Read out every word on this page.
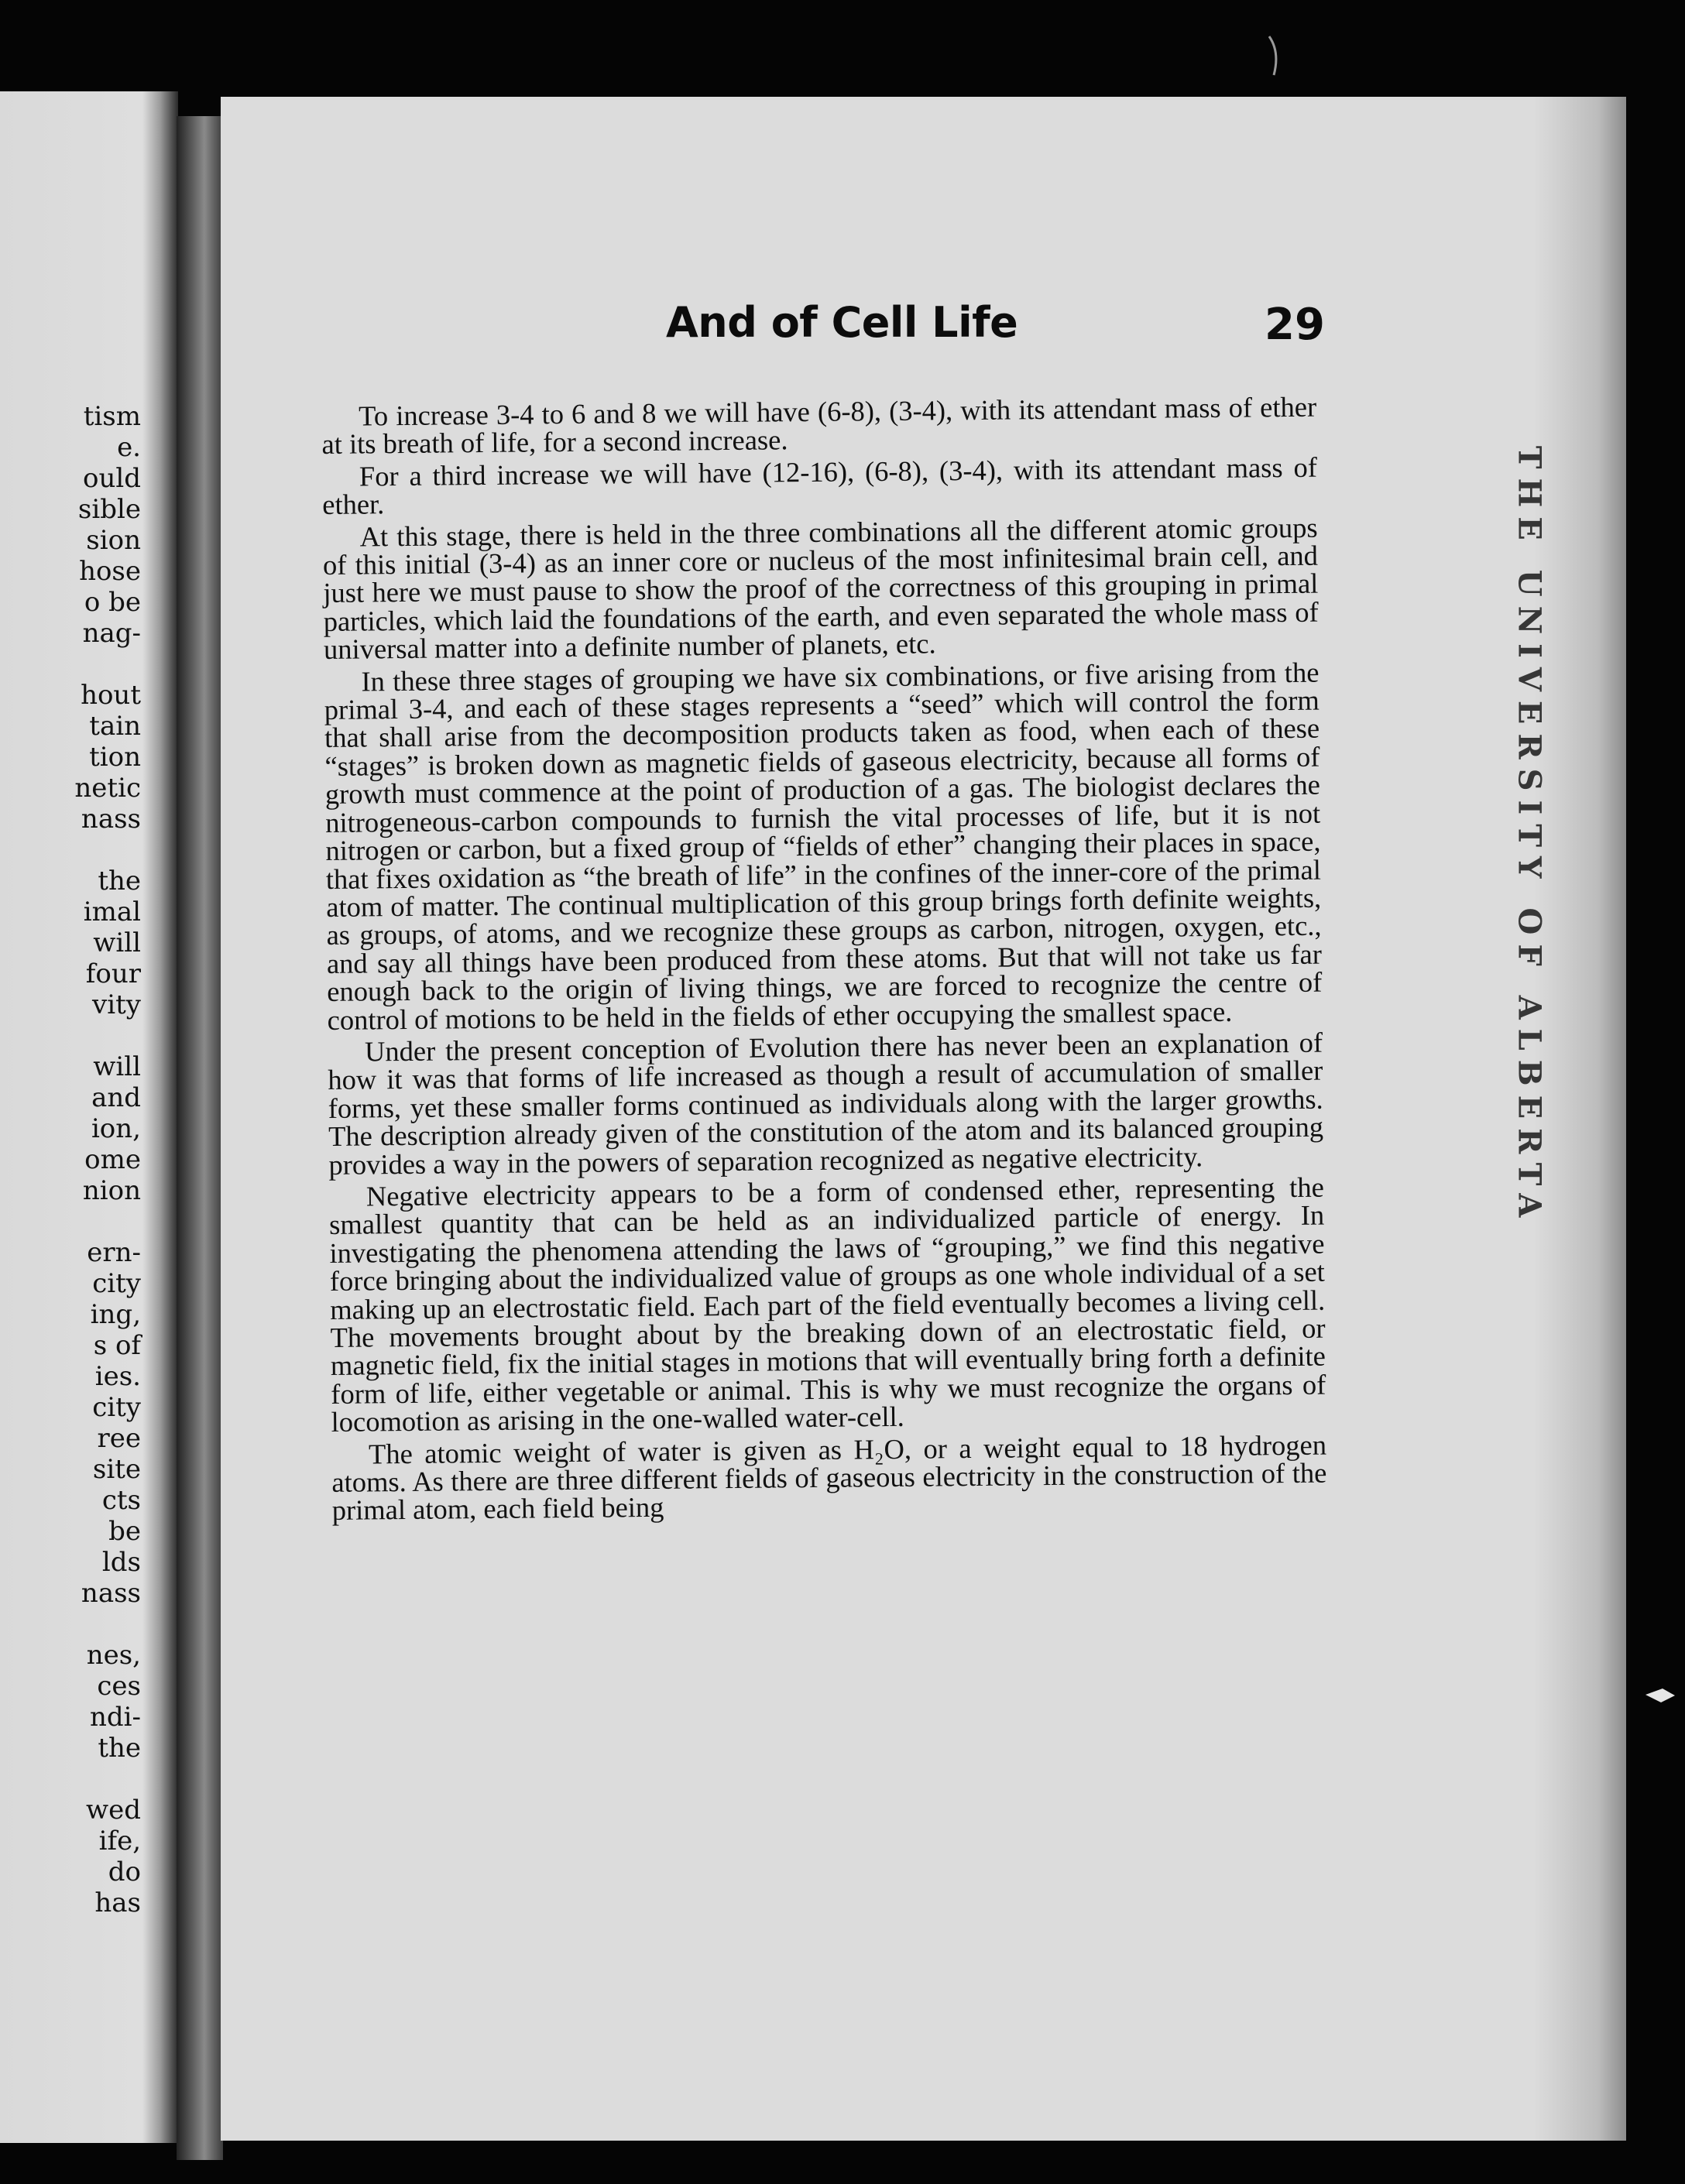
tism
e.
ould
sible
sion
hose
o be
nag-
hout
tain
tion
netic
nass
the
imal
will
four
vity
will
and
ion,
ome
nion
ern-
city
ing,
s of
ies.
city
ree
site
cts
be
lds
nass
nes,
ces
ndi-
the
wed
ife,
do
has
And of Cell Life	29

To increase 3-4 to 6 and 8 we will have (6-8), (3-4), with its attendant mass of ether at its breath of life, for a second increase.

For a third increase we will have (12-16), (6-8), (3-4), with its attendant mass of ether.

At this stage, there is held in the three combinations all the different atomic groups of this initial (3-4) as an inner core or nucleus of the most infinitesimal brain cell, and just here we must pause to show the proof of the correctness of this grouping in primal particles, which laid the foundations of the earth, and even separated the whole mass of universal matter into a definite number of planets, etc.

In these three stages of grouping we have six combinations, or five arising from the primal 3-4, and each of these stages represents a “seed” which will control the form that shall arise from the decomposition products taken as food, when each of these “stages” is broken down as magnetic fields of gaseous electricity, because all forms of growth must commence at the point of production of a gas. The biologist declares the nitrogeneous-carbon compounds to furnish the vital processes of life, but it is not nitrogen or carbon, but a fixed group of “fields of ether” changing their places in space, that fixes oxidation as “the breath of life” in the confines of the inner-core of the primal atom of matter. The continual multiplication of this group brings forth definite weights, as groups, of atoms, and we recognize these groups as carbon, nitrogen, oxygen, etc., and say all things have been produced from these atoms. But that will not take us far enough back to the origin of living things, we are forced to recognize the centre of control of motions to be held in the fields of ether occupying the smallest space.

Under the present conception of Evolution there has never been an explanation of how it was that forms of life increased as though a result of accumulation of smaller forms, yet these smaller forms continued as individuals along with the larger growths. The description already given of the constitution of the atom and its balanced grouping provides a way in the powers of separation recognized as negative electricity.

Negative electricity appears to be a form of condensed ether, representing the smallest quantity that can be held as an individualized particle of energy. In investigating the phenomena attending the laws of “grouping,” we find this negative force bringing about the individualized value of groups as one whole individual of a set making up an electrostatic field. Each part of the field eventually becomes a living cell. The movements brought about by the breaking down of an electrostatic field, or magnetic field, fix the initial stages in motions that will eventually bring forth a definite form of life, either vegetable or animal. This is why we must recognize the organs of locomotion as arising in the one-walled water-cell.

The atomic weight of water is given as H₂O, or a weight equal to 18 hydrogen atoms. As there are three different fields of gaseous electricity in the construction of the primal atom, each field being

THE UNIVERSITY OF ALBERTA
